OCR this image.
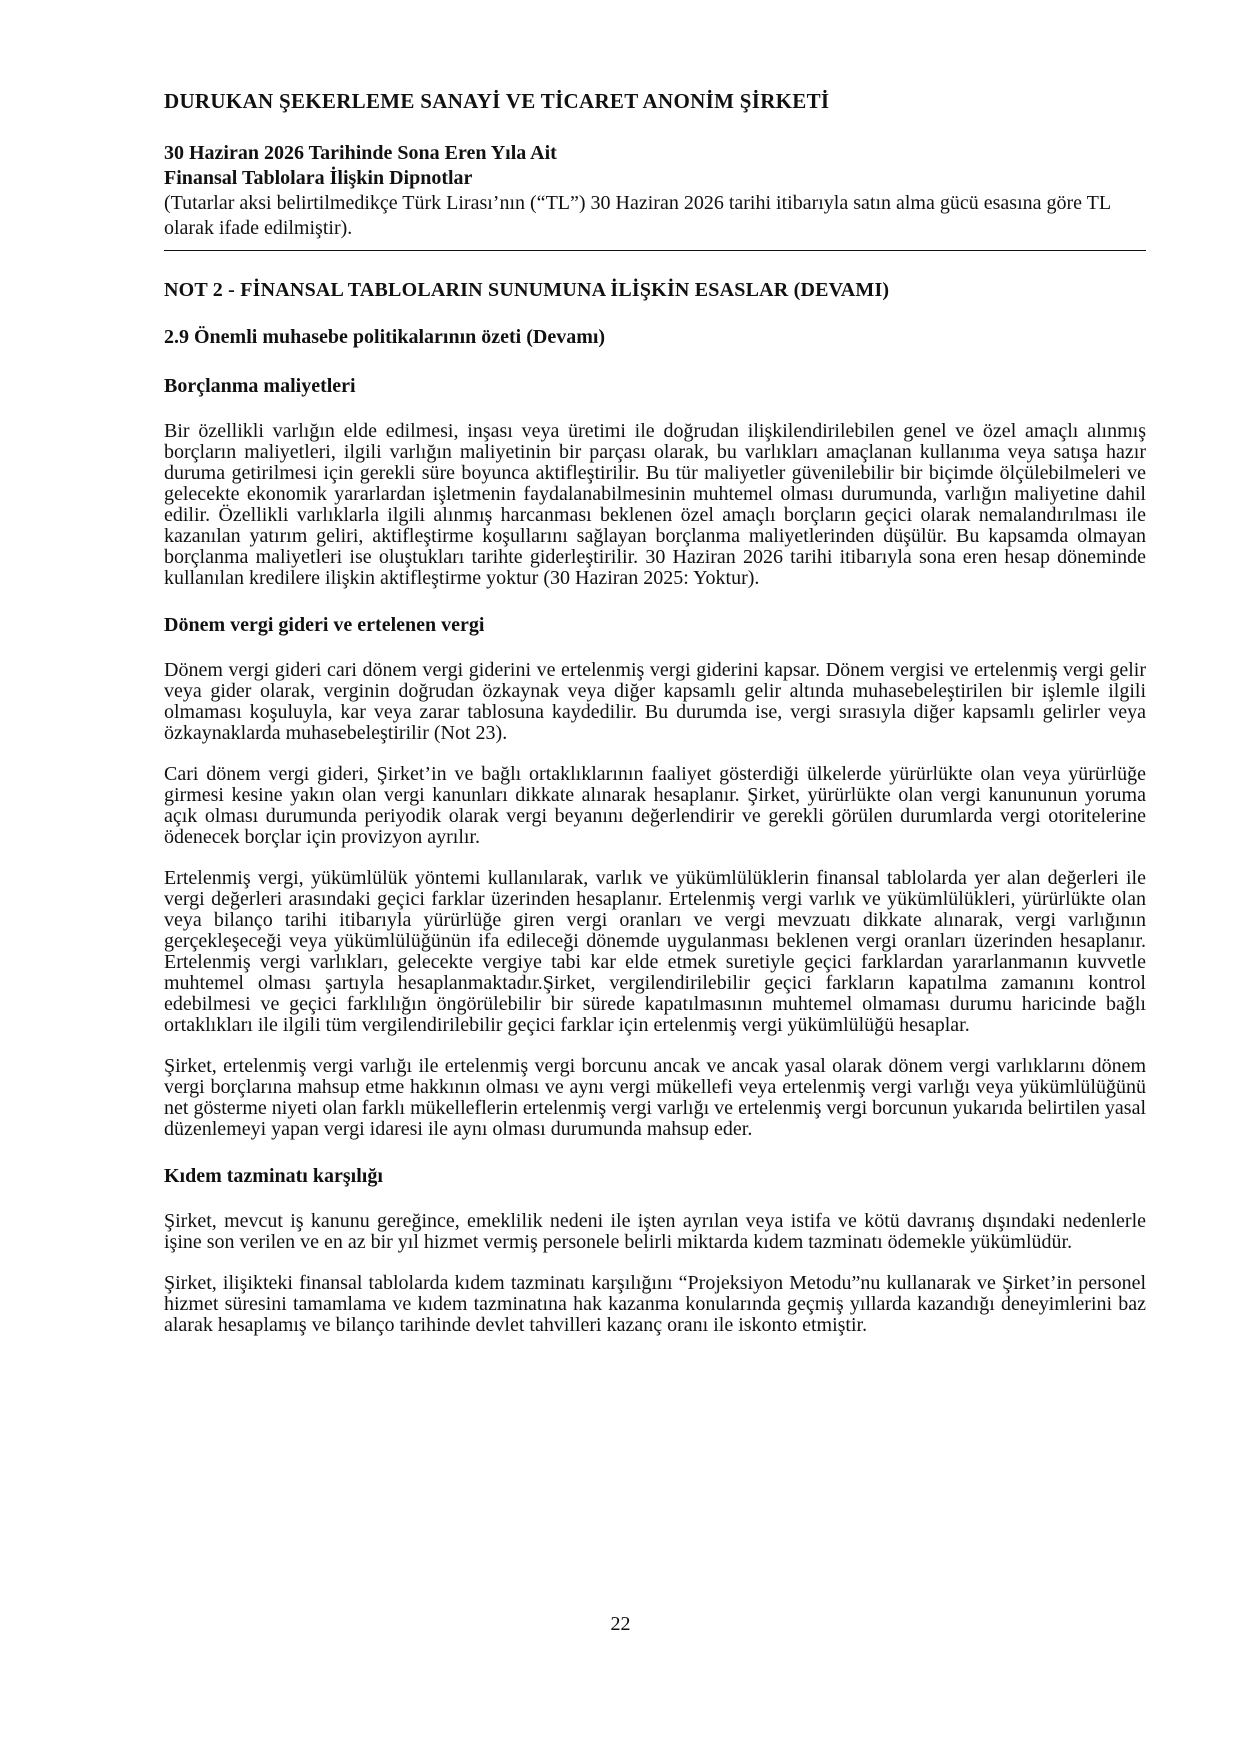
DURUKAN ŞEKERLEME SANAYİ VE TİCARET ANONİM ŞİRKETİ

30 Haziran 2026 Tarihinde Sona Eren Yıla Ait

Finansal Tablolara İlişkin Dipnotlar

(Tutarlar aksi belirtilmedikçe Türk Lirası’nın (“TL”) 30 Haziran 2026 tarihi itibarıyla satın alma gücü esasına göre TL olarak ifade edilmiştir).

NOT 2 - FİNANSAL TABLOLARIN SUNUMUNA İLİŞKİN ESASLAR (DEVAMI)

2.9 Önemli muhasebe politikalarının özeti (Devamı)

Borçlanma maliyetleri

Bir özellikli varlığın elde edilmesi, inşası veya üretimi ile doğrudan ilişkilendirilebilen genel ve özel amaçlı alınmış borçların maliyetleri, ilgili varlığın maliyetinin bir parçası olarak, bu varlıkları amaçlanan kullanıma veya satışa hazır duruma getirilmesi için gerekli süre boyunca aktifleştirilir. Bu tür maliyetler güvenilebilir bir biçimde ölçülebilmeleri ve gelecekte ekonomik yararlardan işletmenin faydalanabilmesinin muhtemel olması durumunda, varlığın maliyetine dahil edilir. Özellikli varlıklarla ilgili alınmış harcanması beklenen özel amaçlı borçların geçici olarak nemalandırılması ile kazanılan yatırım geliri, aktifleştirme koşullarını sağlayan borçlanma maliyetlerinden düşülür. Bu kapsamda olmayan borçlanma maliyetleri ise oluştukları tarihte giderleştirilir. 30 Haziran 2026 tarihi itibarıyla sona eren hesap döneminde kullanılan kredilere ilişkin aktifleştirme yoktur (30 Haziran 2025: Yoktur).

Dönem vergi gideri ve ertelenen vergi

Dönem vergi gideri cari dönem vergi giderini ve ertelenmiş vergi giderini kapsar. Dönem vergisi ve ertelenmiş vergi gelir veya gider olarak, verginin doğrudan özkaynak veya diğer kapsamlı gelir altında muhasebeleştirilen bir işlemle ilgili olmaması koşuluyla, kar veya zarar tablosuna kaydedilir. Bu durumda ise, vergi sırasıyla diğer kapsamlı gelirler veya özkaynaklarda muhasebeleştirilir (Not 23).

Cari dönem vergi gideri, Şirket’in ve bağlı ortaklıklarının faaliyet gösterdiği ülkelerde yürürlükte olan veya yürürlüğe girmesi kesine yakın olan vergi kanunları dikkate alınarak hesaplanır. Şirket, yürürlükte olan vergi kanununun yoruma açık olması durumunda periyodik olarak vergi beyanını değerlendirir ve gerekli görülen durumlarda vergi otoritelerine ödenecek borçlar için provizyon ayrılır.

Ertelenmiş vergi, yükümlülük yöntemi kullanılarak, varlık ve yükümlülüklerin finansal tablolarda yer alan değerleri ile vergi değerleri arasındaki geçici farklar üzerinden hesaplanır. Ertelenmiş vergi varlık ve yükümlülükleri, yürürlükte olan veya bilanço tarihi itibarıyla yürürlüğe giren vergi oranları ve vergi mevzuatı dikkate alınarak, vergi varlığının gerçekleşeceği veya yükümlülüğünün ifa edileceği dönemde uygulanması beklenen vergi oranları üzerinden hesaplanır. Ertelenmiş vergi varlıkları, gelecekte vergiye tabi kar elde etmek suretiyle geçici farklardan yararlanmanın kuvvetle muhtemel olması şartıyla hesaplanmaktadır.Şirket, vergilendirilebilir geçici farkların kapatılma zamanını kontrol edebilmesi ve geçici farklılığın öngörülebilir bir sürede kapatılmasının muhtemel olmaması durumu haricinde bağlı ortaklıkları ile ilgili tüm vergilendirilebilir geçici farklar için ertelenmiş vergi yükümlülüğü hesaplar.

Şirket, ertelenmiş vergi varlığı ile ertelenmiş vergi borcunu ancak ve ancak yasal olarak dönem vergi varlıklarını dönem vergi borçlarına mahsup etme hakkının olması ve aynı vergi mükellefi veya ertelenmiş vergi varlığı veya yükümlülüğünü net gösterme niyeti olan farklı mükelleflerin ertelenmiş vergi varlığı ve ertelenmiş vergi borcunun yukarıda belirtilen yasal düzenlemeyi yapan vergi idaresi ile aynı olması durumunda mahsup eder.

Kıdem tazminatı karşılığı

Şirket, mevcut iş kanunu gereğince, emeklilik nedeni ile işten ayrılan veya istifa ve kötü davranış dışındaki nedenlerle işine son verilen ve en az bir yıl hizmet vermiş personele belirli miktarda kıdem tazminatı ödemekle yükümlüdür.

Şirket, ilişikteki finansal tablolarda kıdem tazminatı karşılığını “Projeksiyon Metodu”nu kullanarak ve Şirket’in personel hizmet süresini tamamlama ve kıdem tazminatına hak kazanma konularında geçmiş yıllarda kazandığı deneyimlerini baz alarak hesaplamış ve bilanço tarihinde devlet tahvilleri kazanç oranı ile iskonto etmiştir.

22
